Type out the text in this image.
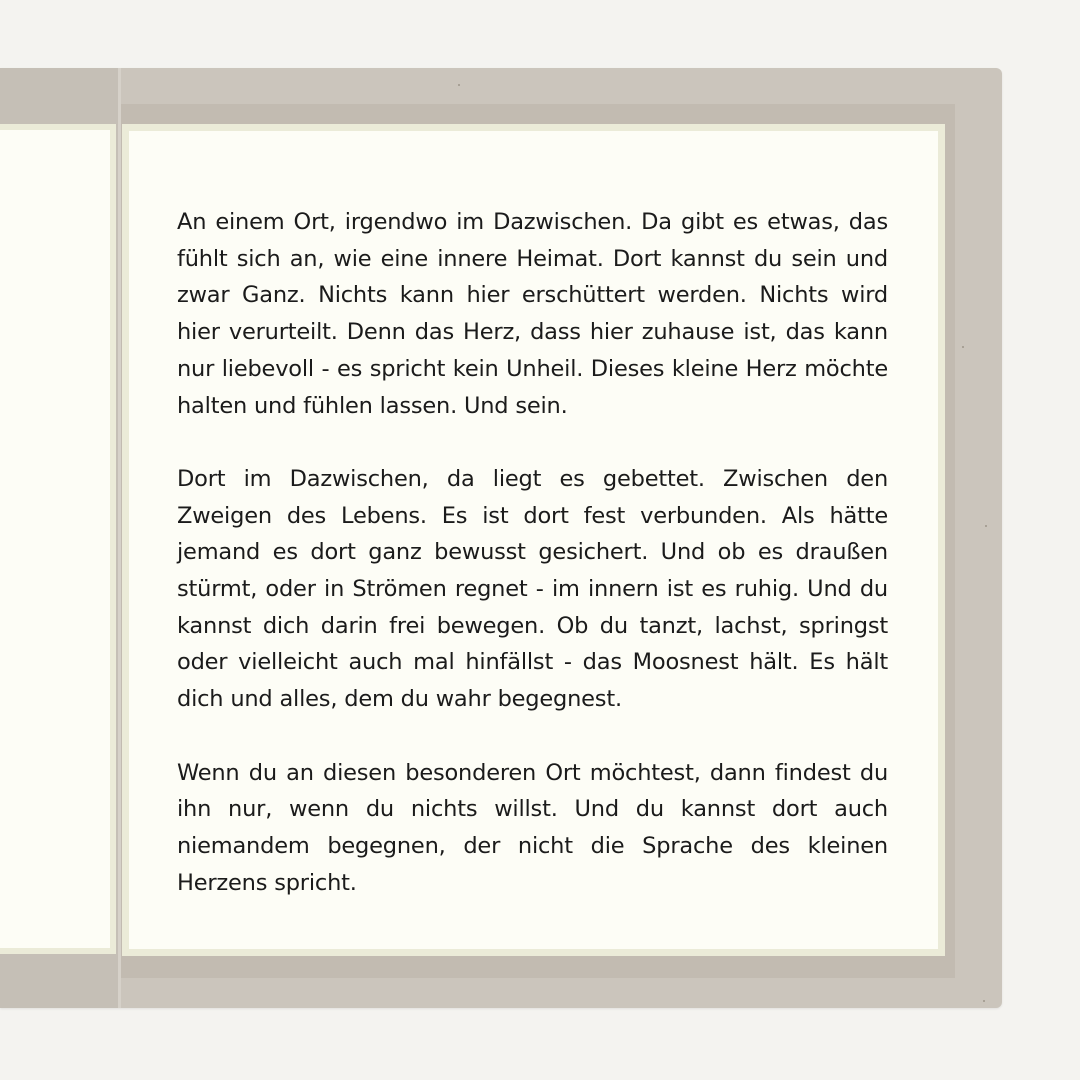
An einem Ort, irgendwo im Dazwischen. Da gibt es etwas, das fühlt sich an, wie eine innere Heimat. Dort kannst du sein und zwar Ganz. Nichts kann hier erschüttert werden. Nichts wird hier verurteilt. Denn das Herz, dass hier zuhause ist, das kann nur liebevoll - es spricht kein Unheil. Dieses kleine Herz möchte halten und fühlen lassen. Und sein.

Dort im Dazwischen, da liegt es gebettet. Zwischen den Zweigen des Lebens. Es ist dort fest verbunden. Als hätte jemand es dort ganz bewusst gesichert. Und ob es draußen stürmt, oder in Strömen regnet - im innern ist es ruhig. Und du kannst dich darin frei bewegen. Ob du tanzt, lachst, springst oder vielleicht auch mal hinfällst - das Moosnest hält. Es hält dich und alles, dem du wahr begegnest.

Wenn du an diesen besonderen Ort möchtest, dann findest du ihn nur, wenn du nichts willst. Und du kannst dort auch niemandem begegnen, der nicht die Sprache des kleinen Herzens spricht.
